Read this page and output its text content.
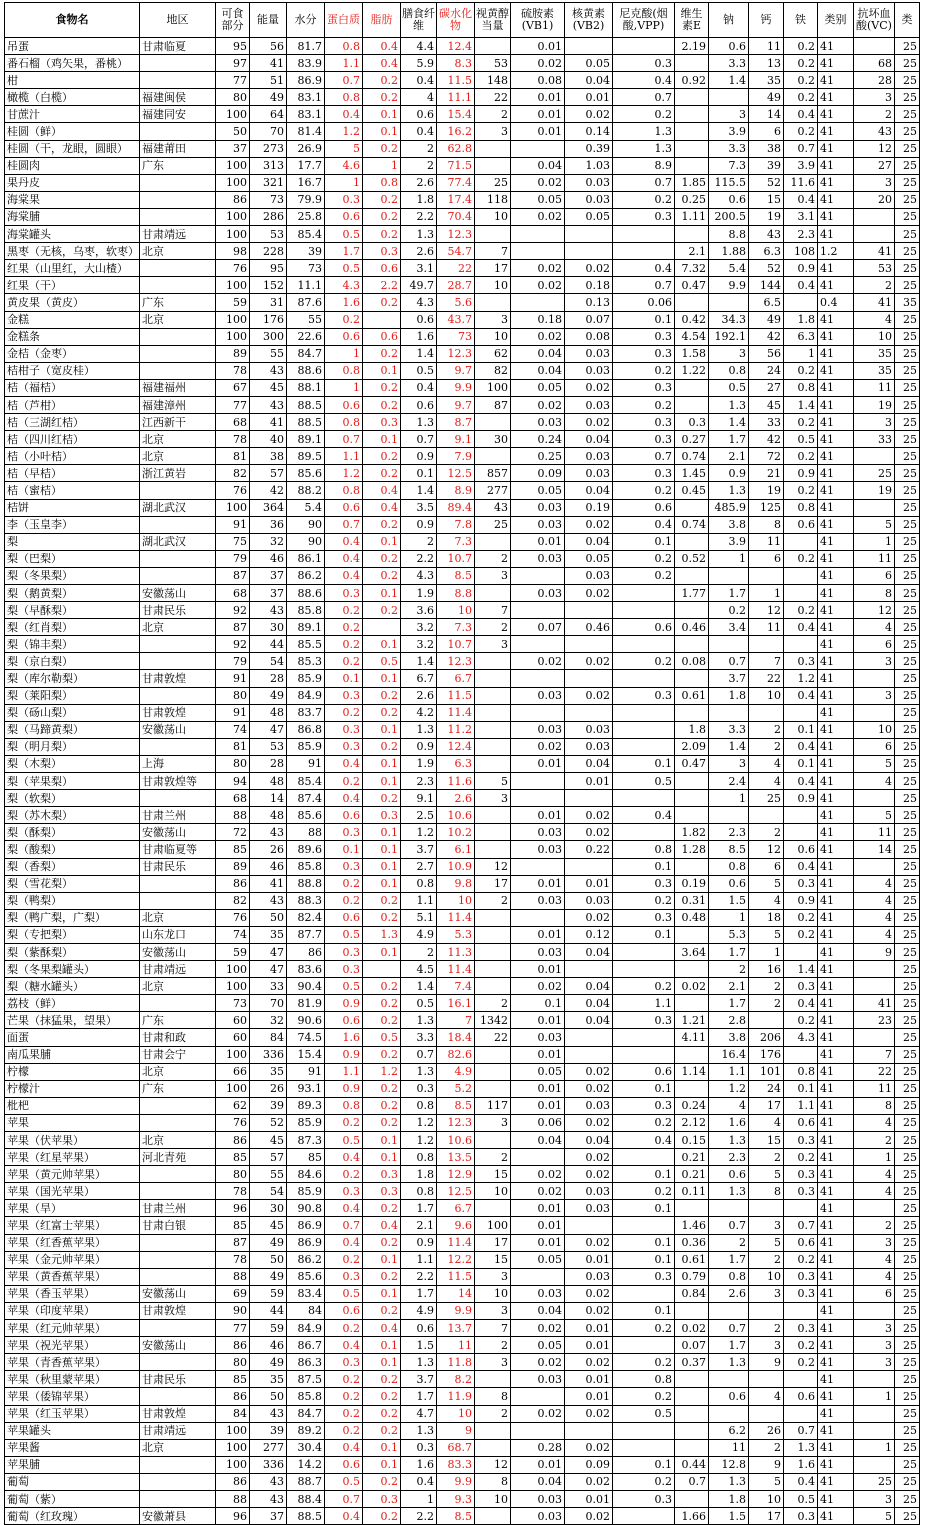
食物名	地区	可食部分	能量	水分	蛋白质	脂肪	膳食纤维	碳水化物	视黄醇当量	硫胺素(VB1)	核黄素(VB2)	尼克酸(烟酸,VPP)	维生素E	钠	钙	铁	类别	抗坏血酸(VC)	类	
吊蛋	甘肃临夏	95	56	81.7	0.8	0.4	4.4	12.4		0.01			2.19	0.6	11	0.2	41		25	
番石榴（鸡矢果，番桃）		97	41	83.9	1.1	0.4	5.9	8.3	53	0.02	0.05	0.3		3.3	13	0.2	41	68	25	
柑		77	51	86.9	0.7	0.2	0.4	11.5	148	0.08	0.04	0.4	0.92	1.4	35	0.2	41	28	25	
橄榄（白榄）	福建闽侯	80	49	83.1	0.8	0.2	4	11.1	22	0.01	0.01	0.7			49	0.2	41	3	25	
甘蔗汁	福建同安	100	64	83.1	0.4	0.1	0.6	15.4	2	0.01	0.02	0.2		3	14	0.4	41	2	25	
桂圆（鲜）		50	70	81.4	1.2	0.1	0.4	16.2	3	0.01	0.14	1.3		3.9	6	0.2	41	43	25	
桂圆（干，龙眼，圆眼）	福建莆田	37	273	26.9	5	0.2	2	62.8			0.39	1.3		3.3	38	0.7	41	12	25	
桂圆肉	广东	100	313	17.7	4.6	1	2	71.5		0.04	1.03	8.9		7.3	39	3.9	41	27	25	
果丹皮		100	321	16.7	1	0.8	2.6	77.4	25	0.02	0.03	0.7	1.85	115.5	52	11.6	41	3	25	
海棠果		86	73	79.9	0.3	0.2	1.8	17.4	118	0.05	0.03	0.2	0.25	0.6	15	0.4	41	20	25	
海棠脯		100	286	25.8	0.6	0.2	2.2	70.4	10	0.02	0.05	0.3	1.11	200.5	19	3.1	41		25	
海棠罐头	甘肃靖远	100	53	85.4	0.5	0.2	1.3	12.3						8.8	43	2.3	41		25	
黑枣（无核，乌枣，软枣）	北京	98	228	39	1.7	0.3	2.6	54.7	7				2.1	1.88	6.3	108	1.2	41	25	
红果（山里红，大山楂）		76	95	73	0.5	0.6	3.1	22	17	0.02	0.02	0.4	7.32	5.4	52	0.9	41	53	25	
红果（干）		100	152	11.1	4.3	2.2	49.7	28.7	10	0.02	0.18	0.7	0.47	9.9	144	0.4	41	2	25	
黄皮果（黄皮）	广东	59	31	87.6	1.6	0.2	4.3	5.6			0.13	0.06			6.5		0.4	41	35	
金糕	北京	100	176	55	0.2		0.6	43.7	3	0.18	0.07	0.1	0.42	34.3	49	1.8	41	4	25	
金糕条		100	300	22.6	0.6	0.6	1.6	73	10	0.02	0.08	0.3	4.54	192.1	42	6.3	41	10	25	
金桔（金枣）		89	55	84.7	1	0.2	1.4	12.3	62	0.04	0.03	0.3	1.58	3	56	1	41	35	25	
桔柑子（宽皮桂）		78	43	88.6	0.8	0.1	0.5	9.7	82	0.04	0.03	0.2	1.22	0.8	24	0.2	41	35	25	
桔（福桔）	福建福州	67	45	88.1	1	0.2	0.4	9.9	100	0.05	0.02	0.3		0.5	27	0.8	41	11	25	
桔（芦柑）	福建漳州	77	43	88.5	0.6	0.2	0.6	9.7	87	0.02	0.03	0.2		1.3	45	1.4	41	19	25	
桔（三湖红桔）	江西新干	68	41	88.5	0.8	0.3	1.3	8.7		0.03	0.02	0.3	0.3	1.4	33	0.2	41	3	25	
桔（四川红桔）	北京	78	40	89.1	0.7	0.1	0.7	9.1	30	0.24	0.04	0.3	0.27	1.7	42	0.5	41	33	25	
桔（小叶桔）	北京	81	38	89.5	1.1	0.2	0.9	7.9		0.25	0.03	0.7	0.74	2.1	72	0.2	41		25	
桔（早桔）	浙江黄岩	82	57	85.6	1.2	0.2	0.1	12.5	857	0.09	0.03	0.3	1.45	0.9	21	0.9	41	25	25	
桔（蜜桔）		76	42	88.2	0.8	0.4	1.4	8.9	277	0.05	0.04	0.2	0.45	1.3	19	0.2	41	19	25	
桔饼	湖北武汉	100	364	5.4	0.6	0.4	3.5	89.4	43	0.03	0.19	0.6		485.9	125	0.8	41		25	
李（玉皇李）		91	36	90	0.7	0.2	0.9	7.8	25	0.03	0.02	0.4	0.74	3.8	8	0.6	41	5	25	
梨	湖北武汉	75	32	90	0.4	0.1	2	7.3		0.01	0.04	0.1		3.9	11		41	1	25	
梨（巴梨）		79	46	86.1	0.4	0.2	2.2	10.7	2	0.03	0.05	0.2	0.52	1	6	0.2	41	11	25	
梨（冬果梨）		87	37	86.2	0.4	0.2	4.3	8.5	3		0.03	0.2					41	6	25	
梨（鹅黄梨）	安徽荡山	68	37	88.6	0.3	0.1	1.9	8.8		0.03	0.02		1.77	1.7	1		41	8	25	
梨（早酥梨）	甘肃民乐	92	43	85.8	0.2	0.2	3.6	10	7					0.2	12	0.2	41	12	25	
梨（红肖梨）	北京	87	30	89.1	0.2		3.2	7.3	2	0.07	0.46	0.6	0.46	3.4	11	0.4	41	4	25	
梨（锦丰梨）		92	44	85.5	0.2	0.1	3.2	10.7	3								41	6	25	
梨（京白梨）		79	54	85.3	0.2	0.5	1.4	12.3		0.02	0.02	0.2	0.08	0.7	7	0.3	41	3	25	
梨（库尔勒梨）	甘肃敦煌	91	28	85.9	0.1	0.1	6.7	6.7						3.7	22	1.2	41		25	
梨（莱阳梨）		80	49	84.9	0.3	0.2	2.6	11.5		0.03	0.02	0.3	0.61	1.8	10	0.4	41	3	25	
梨（砀山梨）	甘肃敦煌	91	48	83.7	0.2	0.2	4.2	11.4									41		25	
梨（马蹄黄梨）	安徽荡山	74	47	86.8	0.3	0.1	1.3	11.2		0.03	0.03		1.8	3.3	2	0.1	41	10	25	
梨（明月梨）		81	53	85.9	0.3	0.2	0.9	12.4		0.02	0.03		2.09	1.4	2	0.4	41	6	25	
梨（木梨）	上海	80	28	91	0.4	0.1	1.9	6.3		0.01	0.04	0.1	0.47	3	4	0.1	41	5	25	
梨（苹果梨）	甘肃敦煌等	94	48	85.4	0.2	0.1	2.3	11.6	5		0.01	0.5		2.4	4	0.4	41	4	25	
梨（软梨）		68	14	87.4	0.4	0.2	9.1	2.6	3					1	25	0.9	41		25	
梨（苏木梨）	甘肃兰州	88	48	85.6	0.6	0.3	2.5	10.6		0.01	0.02	0.4					41	5	25	
梨（酥梨）	安徽荡山	72	43	88	0.3	0.1	1.2	10.2		0.03	0.02		1.82	2.3	2		41	11	25	
梨（酸梨）	甘肃临夏等	85	26	89.6	0.1	0.1	3.7	6.1		0.03	0.22	0.8	1.28	8.5	12	0.6	41	14	25	
梨（香梨）	甘肃民乐	89	46	85.8	0.3	0.1	2.7	10.9	12			0.1		0.8	6	0.4	41		25	
梨（雪花梨）		86	41	88.8	0.2	0.1	0.8	9.8	17	0.01	0.01	0.3	0.19	0.6	5	0.3	41	4	25	
梨（鸭梨）		82	43	88.3	0.2	0.2	1.1	10	2	0.03	0.03	0.2	0.31	1.5	4	0.9	41	4	25	
梨（鸭广梨，广梨）	北京	76	50	82.4	0.6	0.2	5.1	11.4			0.02	0.3	0.48	1	18	0.2	41	4	25	
梨（专把梨）	山东龙口	74	35	87.7	0.5	1.3	4.9	5.3		0.01	0.12	0.1		5.3	5	0.2	41	4	25	
梨（紫酥梨）	安徽荡山	59	47	86	0.3	0.1	2	11.3		0.03	0.04		3.64	1.7	1		41	9	25	
梨（冬果梨罐头）	甘肃靖远	100	47	83.6	0.3		4.5	11.4		0.01				2	16	1.4	41		25	
梨（糖水罐头）	北京	100	33	90.4	0.5	0.2	1.4	7.4		0.02	0.04	0.2	0.02	2.1	2	0.3	41		25	
荔枝（鲜）		73	70	81.9	0.9	0.2	0.5	16.1	2	0.1	0.04	1.1		1.7	2	0.4	41	41	25	
芒果（抹猛果，望果）	广东	60	32	90.6	0.6	0.2	1.3	7	1342	0.01	0.04	0.3	1.21	2.8		0.2	41	23	25	
面蛋	甘肃和政	60	84	74.5	1.6	0.5	3.3	18.4	22	0.03			4.11	3.8	206	4.3	41		25	
南瓜果脯	甘肃会宁	100	336	15.4	0.9	0.2	0.7	82.6		0.01				16.4	176		41	7	25	
柠檬	北京	66	35	91	1.1	1.2	1.3	4.9		0.05	0.02	0.6	1.14	1.1	101	0.8	41	22	25	
柠檬汁	广东	100	26	93.1	0.9	0.2	0.3	5.2		0.01	0.02	0.1		1.2	24	0.1	41	11	25	
枇杷		62	39	89.3	0.8	0.2	0.8	8.5	117	0.01	0.03	0.3	0.24	4	17	1.1	41	8	25	
苹果		76	52	85.9	0.2	0.2	1.2	12.3	3	0.06	0.02	0.2	2.12	1.6	4	0.6	41	4	25	
苹果（伏苹果）	北京	86	45	87.3	0.5	0.1	1.2	10.6		0.04	0.04	0.4	0.15	1.3	15	0.3	41	2	25	
苹果（红星苹果）	河北青苑	85	57	85	0.4	0.1	0.8	13.5	2		0.02		0.21	2.3	2	0.2	41	1	25	
苹果（黄元帅苹果）		80	55	84.6	0.2	0.3	1.8	12.9	15	0.02	0.02	0.1	0.21	0.6	5	0.3	41	4	25	
苹果（国光苹果）		78	54	85.9	0.3	0.3	0.8	12.5	10	0.02	0.03	0.2	0.11	1.3	8	0.3	41	4	25	
苹果（旱）	甘肃兰州	96	30	90.8	0.4	0.2	1.7	6.7		0.01	0.03	0.1					41		25	
苹果（红富士苹果）	甘肃白银	85	45	86.9	0.7	0.4	2.1	9.6	100	0.01			1.46	0.7	3	0.7	41	2	25	
苹果（红香蕉苹果）		87	49	86.9	0.4	0.2	0.9	11.4	17	0.01	0.02	0.1	0.36	2	5	0.6	41	3	25	
苹果（金元帅苹果）		78	50	86.2	0.2	0.1	1.1	12.2	15	0.05	0.01	0.1	0.61	1.7	2	0.2	41	4	25	
苹果（黄香蕉苹果）		88	49	85.6	0.3	0.2	2.2	11.5	3		0.03	0.3	0.79	0.8	10	0.3	41	4	25	
苹果（香玉苹果）	安徽荡山	69	59	83.4	0.5	0.1	1.7	14	10	0.03	0.02		0.84	2.6	3	0.3	41	6	25	
苹果（印度苹果）	甘肃敦煌	90	44	84	0.6	0.2	4.9	9.9	3	0.04	0.02	0.1					41		25	
苹果（红元帅苹果）		77	59	84.9	0.2	0.4	0.6	13.7	7	0.02	0.01	0.2	0.02	0.7	2	0.3	41	3	25	
苹果（祝光苹果）	安徽荡山	86	46	86.7	0.4	0.1	1.5	11	2	0.05	0.01		0.07	1.7	3	0.2	41	3	25	
苹果（青香蕉苹果）		80	49	86.3	0.3	0.1	1.3	11.8	3	0.02	0.02	0.2	0.37	1.3	9	0.2	41	3	25	
苹果（秋里蒙苹果）	甘肃民乐	85	35	87.5	0.2	0.2	3.7	8.2		0.03	0.01	0.8					41		25	
苹果（倭锦苹果）		86	50	85.8	0.2	0.2	1.7	11.9	8		0.01	0.2		0.6	4	0.6	41	1	25	
苹果（红玉苹果）	甘肃敦煌	84	43	84.7	0.2	0.2	4.7	10	2	0.02	0.02	0.5					41		25	
苹果罐头	甘肃靖远	100	39	89.2	0.2	0.2	1.3	9						6.2	26	0.7	41		25	
苹果酱	北京	100	277	30.4	0.4	0.1	0.3	68.7		0.28	0.02			11	2	1.3	41	1	25	
苹果脯		100	336	14.2	0.6	0.1	1.6	83.3	12	0.01	0.09	0.1	0.44	12.8	9	1.6	41		25	
葡萄		86	43	88.7	0.5	0.2	0.4	9.9	8	0.04	0.02	0.2	0.7	1.3	5	0.4	41	25	25	
葡萄（紫）		88	43	88.4	0.7	0.3	1	9.3	10	0.03	0.01	0.3		1.8	10	0.5	41	3	25	
葡萄（红玫瑰）	安徽萧县	96	37	88.5	0.4	0.2	2.2	8.5		0.03	0.02		1.66	1.5	17	0.3	41	5	25	
